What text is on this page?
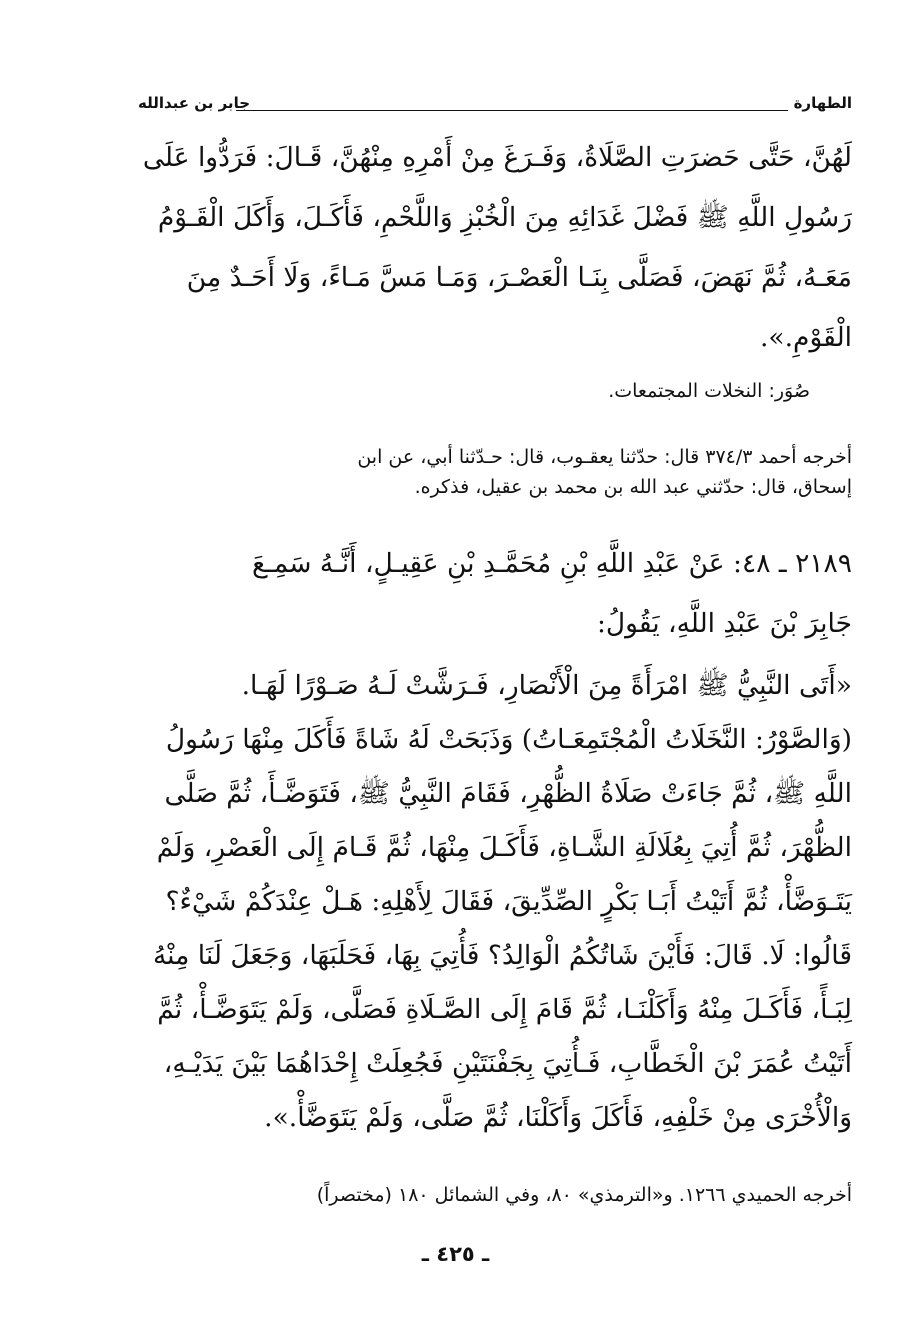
الطهارة
جابر بن عبدالله
لَهُنَّ، حَتَّى حَضرَتِ الصَّلَاةُ، وَفَـرَغَ مِنْ أَمْرِهِ مِنْهُنَّ، قَـالَ: فَرَدُّوا عَلَى
رَسُولِ اللَّهِ ﷺ فَضْلَ غَدَائِهِ مِنَ الْخُبْزِ وَاللَّحْمِ، فَأَكَـلَ، وَأَكَلَ الْقَـوْمُ
مَعَـهُ، ثُمَّ نَهَضَ، فَصَلَّى بِنَـا الْعَصْـرَ، وَمَـا مَسَّ مَـاءً، وَلَا أَحَـدٌ مِنَ
الْقَوْمِ.».
صُوَر: النخلات المجتمعات.
أخرجه أحمد ٣٧٤/٣ قال: حدّثنا يعقـوب، قال: حـدّثنا أبي، عن ابن
إسحاق، قال: حدّثني عبد الله بن محمد بن عقيل، فذكره.
٢١٨٩ ـ ٤٨: عَنْ عَبْدِ اللَّهِ بْنِ مُحَمَّـدِ بْنِ عَقِيـلٍ، أَنَّـهُ سَمِـعَ
جَابِرَ بْنَ عَبْدِ اللَّهِ، يَقُولُ:
«أَتَى النَّبِيُّ ﷺ امْرَأَةً مِنَ الْأَنْصَارِ، فَـرَشَّتْ لَـهُ صَـوْرًا لَهَـا.
(وَالصَّوْرُ: النَّخَلَاتُ الْمُجْتَمِعَـاتُ) وَذَبَحَتْ لَهُ شَاةً فَأَكَلَ مِنْهَا رَسُولُ
اللَّهِ ﷺ، ثُمَّ جَاءَتْ صَلَاةُ الظُّهْرِ، فَقَامَ النَّبِيُّ ﷺ، فَتَوَضَّـأَ، ثُمَّ صَلَّى
الظُّهْرَ، ثُمَّ أُتِيَ بِعُلَالَةِ الشَّـاةِ، فَأَكَـلَ مِنْهَا، ثُمَّ قَـامَ إِلَى الْعَصْرِ، وَلَمْ
يَتَـوَضَّأْ، ثُمَّ أَتَيْتُ أَبَـا بَكْرٍ الصِّدِّيقَ، فَقَالَ لِأَهْلِهِ: هَـلْ عِنْدَكُمْ شَيْءٌ؟
قَالُوا: لَا. قَالَ: فَأَيْنَ شَاتُكُمُ الْوَالِدُ؟ فَأُتِيَ بِهَا، فَحَلَبَهَا، وَجَعَلَ لَنَا مِنْهُ
لِبَـأً، فَأَكَـلَ مِنْهُ وَأَكَلْنَـا، ثُمَّ قَامَ إِلَى الصَّـلَاةِ فَصَلَّى، وَلَمْ يَتَوَضَّـأْ، ثُمَّ
أَتَيْتُ عُمَرَ بْنَ الْخَطَّابِ، فَـأُتِيَ بِجَفْنَتَيْنِ فَجُعِلَتْ إِحْدَاهُمَا بَيْنَ يَدَيْـهِ،
وَالْأُخْرَى مِنْ خَلْفِهِ، فَأَكَلَ وَأَكَلْنَا، ثُمَّ صَلَّى، وَلَمْ يَتَوَضَّأْ.».
أخرجه الحميدي ١٢٦٦. و«الترمذي» ٨٠، وفي الشمائل ١٨٠ (مختصراً)
ـ ٤٢٥ ـ
